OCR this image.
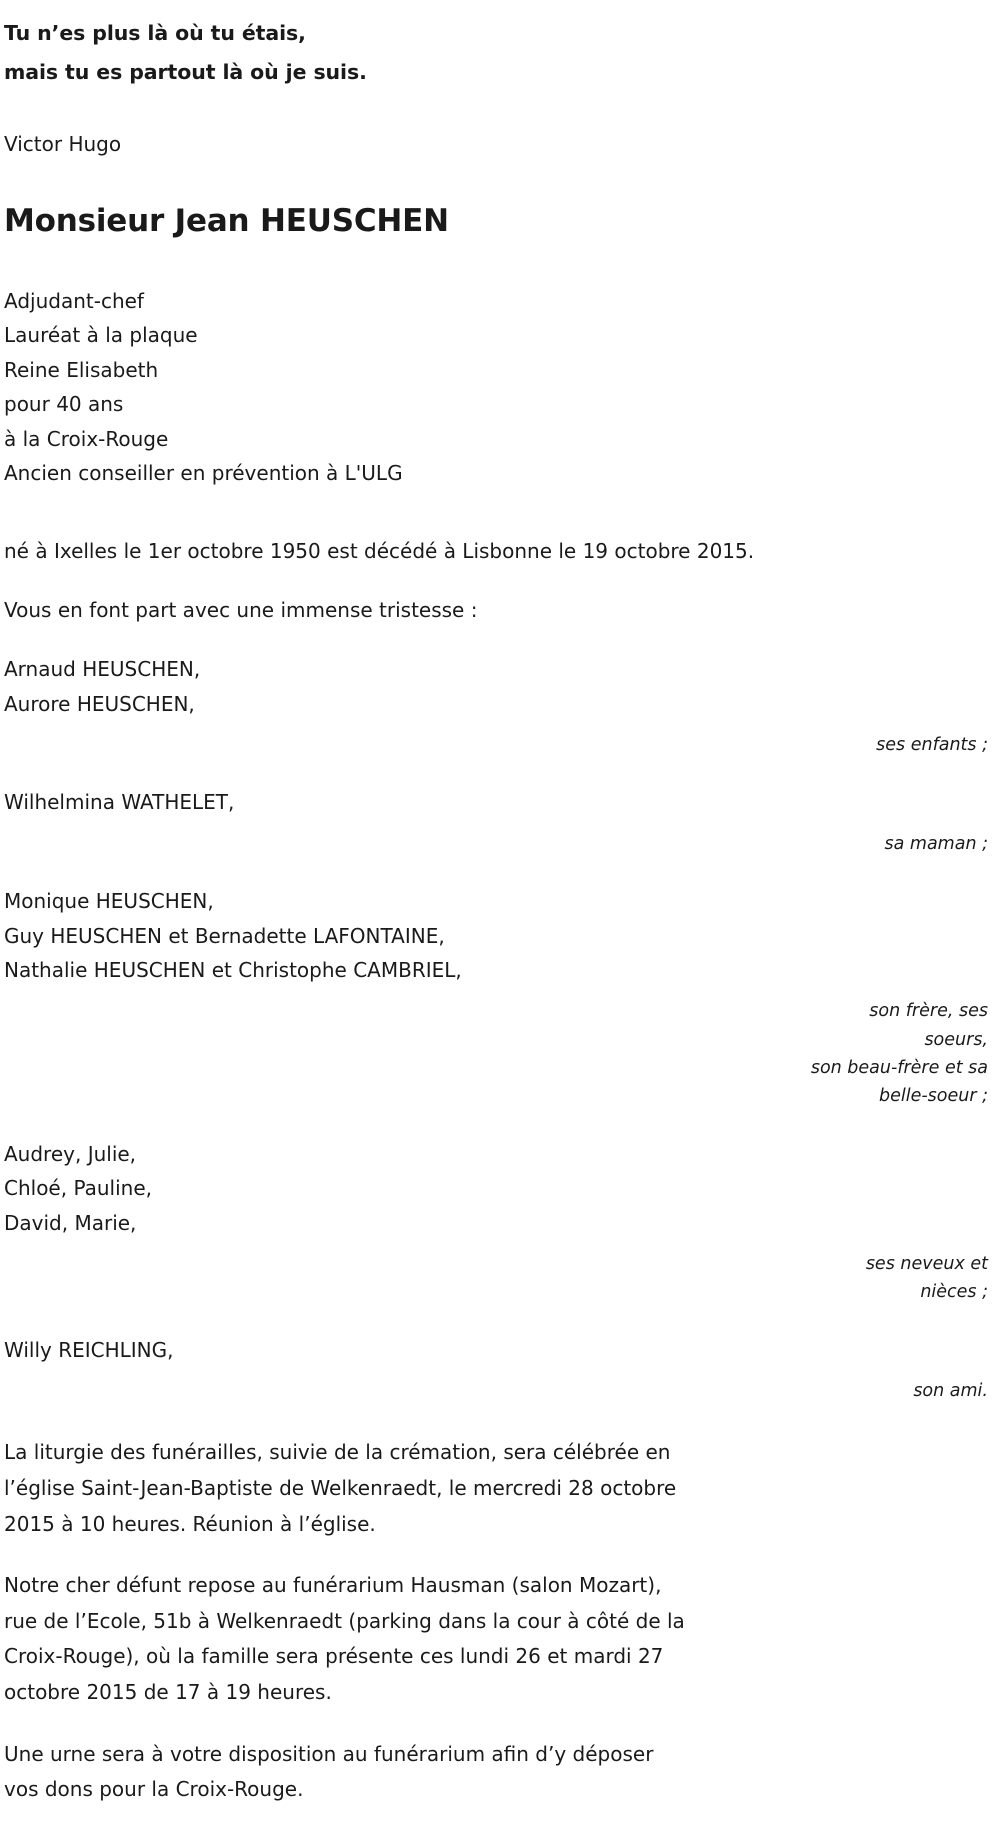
Tu n’es plus là où tu étais,
mais tu es partout là où je suis.
Victor Hugo
Monsieur Jean HEUSCHEN
Adjudant-chef
Lauréat à la plaque
Reine Elisabeth
pour 40 ans
à la Croix-Rouge
Ancien conseiller en prévention à L'ULG
né à Ixelles le 1er octobre 1950 est décédé à Lisbonne le 19 octobre 2015.
Vous en font part avec une immense tristesse :
Arnaud HEUSCHEN,
Aurore HEUSCHEN,
ses enfants ;
Wilhelmina WATHELET,
sa maman ;
Monique HEUSCHEN,
Guy HEUSCHEN et Bernadette LAFONTAINE,
Nathalie HEUSCHEN et Christophe CAMBRIEL,
son frère, ses
soeurs,
son beau-frère et sa
belle-soeur ;
Audrey, Julie,
Chloé, Pauline,
David, Marie,
ses neveux et
nièces ;
Willy REICHLING,
son ami.

La liturgie des funérailles, suivie de la crémation, sera célébrée en l’église Saint-Jean-Baptiste de Welkenraedt, le mercredi 28 octobre 2015 à 10 heures. Réunion à l’église.

Notre cher défunt repose au funérarium Hausman (salon Mozart), rue de l’Ecole, 51b à Welkenraedt (parking dans la cour à côté de la Croix-Rouge), où la famille sera présente ces lundi 26 et mardi 27 octobre 2015 de 17 à 19 heures.

Une urne sera à votre disposition au funérarium afin d’y déposer vos dons pour la Croix-Rouge.
